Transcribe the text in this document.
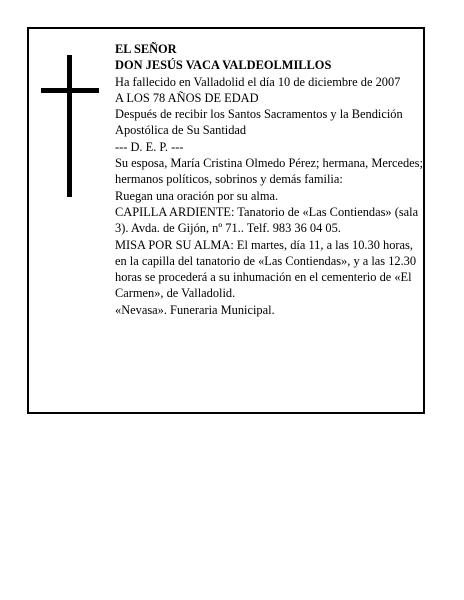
EL SEÑOR

DON JESÚS VACA VALDEOLMILLOS

Ha fallecido en Valladolid el día 10 de diciembre de 2007

A LOS 78 AÑOS DE EDAD

Después de recibir los Santos Sacramentos y la Bendición Apostólica de Su Santidad

--- D. E. P. ---

Su esposa, María Cristina Olmedo Pérez; hermana, Mercedes; hermanos políticos, sobrinos y demás familia:

Ruegan una oración por su alma.

CAPILLA ARDIENTE: Tanatorio de «Las Contiendas» (sala 3). Avda. de Gijón, nº 71.. Telf. 983 36 04 05.

MISA POR SU ALMA: El martes, día 11, a las 10.30 horas, en la capilla del tanatorio de «Las Contiendas», y a las 12.30 horas se procederá a su inhumación en el cementerio de «El Carmen», de Valladolid.

«Nevasa». Funeraria Municipal.
